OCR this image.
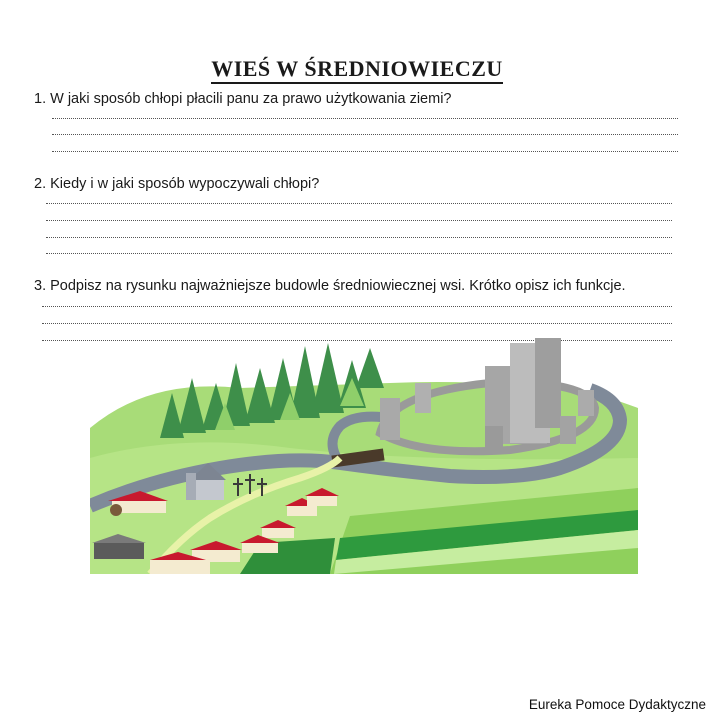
WIEŚ W ŚREDNIOWIECZU
1. W jaki sposób chłopi płacili panu za prawo użytkowania ziemi?
2. Kiedy i w jaki sposób wypoczywali chłopi?
3. Podpisz na rysunku najważniejsze budowle średniowiecznej wsi. Krótko opisz ich funkcje.
Eureka Pomoce Dydaktyczne
